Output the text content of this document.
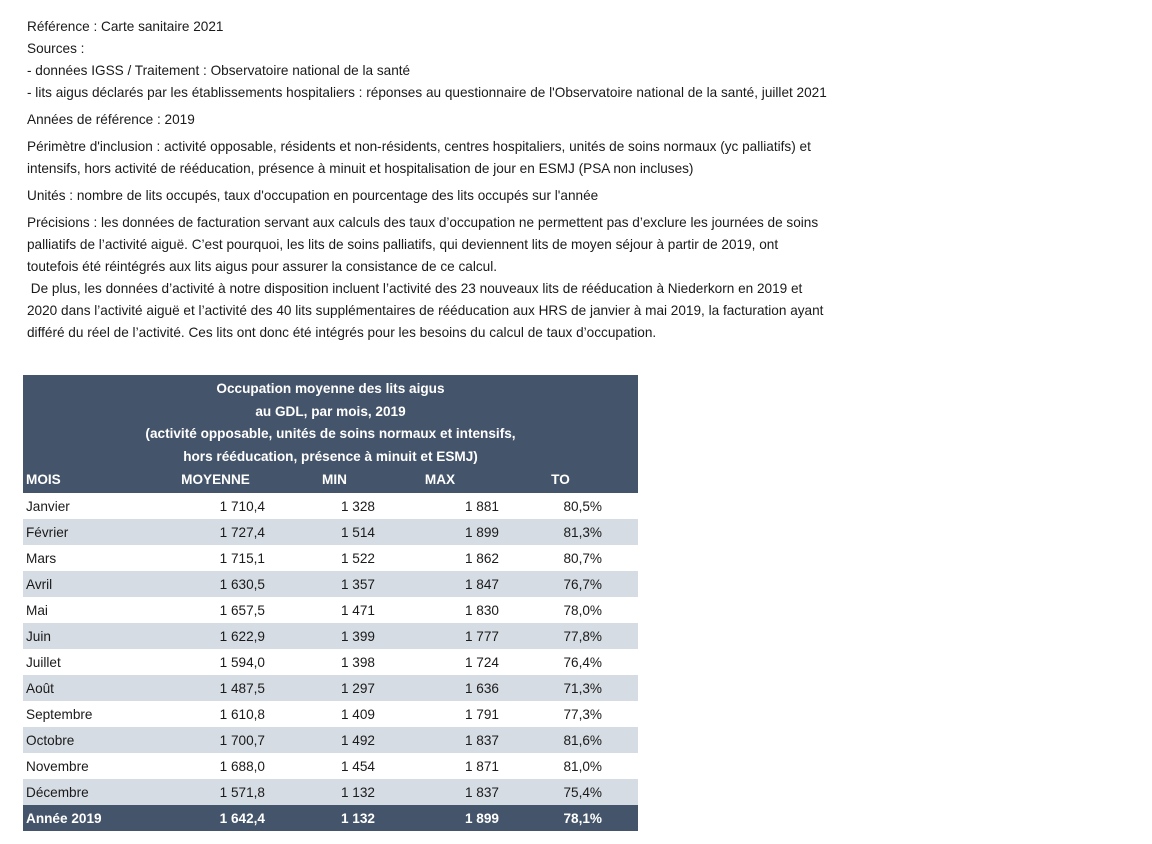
Référence : Carte sanitaire 2021

Sources :

- données IGSS / Traitement : Observatoire national de la santé

- lits aigus déclarés par les établissements hospitaliers : réponses au questionnaire de l'Observatoire national de la santé, juillet 2021

Années de référence : 2019

Périmètre d'inclusion : activité opposable, résidents et non-résidents, centres hospitaliers, unités de soins normaux (yc palliatifs) et

intensifs, hors activité de rééducation, présence à minuit et hospitalisation de jour en ESMJ (PSA non incluses)

Unités : nombre de lits occupés, taux d'occupation en pourcentage des lits occupés sur l'année

Précisions : les données de facturation servant aux calculs des taux d’occupation ne permettent pas d’exclure les journées de soins

palliatifs de l’activité aiguë. C’est pourquoi, les lits de soins palliatifs, qui deviennent lits de moyen séjour à partir de 2019, ont

toutefois été réintégrés aux lits aigus pour assurer la consistance de ce calcul.

De plus, les données d’activité à notre disposition incluent l’activité des 23 nouveaux lits de rééducation à Niederkorn en 2019 et

2020 dans l’activité aiguë et l’activité des 40 lits supplémentaires de rééducation aux HRS de janvier à mai 2019, la facturation ayant

différé du réel de l’activité. Ces lits ont donc été intégrés pour les besoins du calcul de taux d’occupation.

Occupation moyenne des lits aigus
au GDL, par mois, 2019
(activité opposable, unités de soins normaux et intensifs,
hors rééducation, présence à minuit et ESMJ)
MOIS	MOYENNE	MIN	MAX	TO
Janvier	1 710,4	1 328	1 881	80,5%
Février	1 727,4	1 514	1 899	81,3%
Mars	1 715,1	1 522	1 862	80,7%
Avril	1 630,5	1 357	1 847	76,7%
Mai	1 657,5	1 471	1 830	78,0%
Juin	1 622,9	1 399	1 777	77,8%
Juillet	1 594,0	1 398	1 724	76,4%
Août	1 487,5	1 297	1 636	71,3%
Septembre	1 610,8	1 409	1 791	77,3%
Octobre	1 700,7	1 492	1 837	81,6%
Novembre	1 688,0	1 454	1 871	81,0%
Décembre	1 571,8	1 132	1 837	75,4%
Année 2019	1 642,4	1 132	1 899	78,1%
